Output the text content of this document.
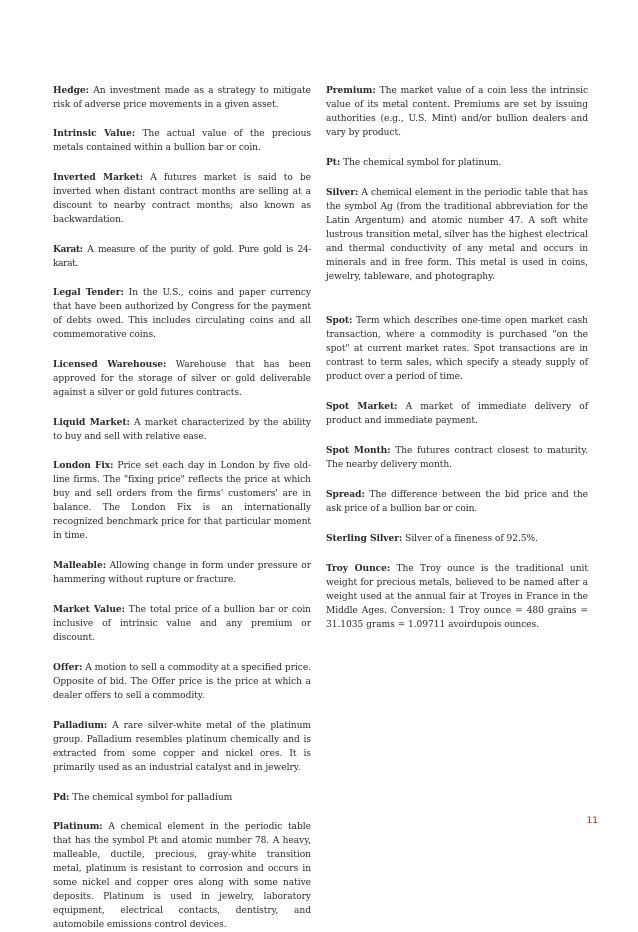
Hedge: An investment made as a strategy to mitigate risk of adverse price movements in a given asset.

Intrinsic Value: The actual value of the precious metals contained within a bullion bar or coin.

Inverted Market: A futures market is said to be inverted when distant contract months are selling at a discount to nearby contract months; also known as backwardation.

Karat: A measure of the purity of gold. Pure gold is 24-karat.

Legal Tender: In the U.S., coins and paper currency that have been authorized by Congress for the payment of debts owed. This includes circulating coins and all commemorative coins.

Licensed Warehouse: Warehouse that has been approved for the storage of silver or gold deliverable against a silver or gold futures contracts.

Liquid Market: A market characterized by the ability to buy and sell with relative ease.

London Fix: Price set each day in London by five old-line firms. The "fixing price" reflects the price at which buy and sell orders from the firms' customers' are in balance. The London Fix is an internationally recognized benchmark price for that particular moment in time.

Malleable: Allowing change in form under pressure or hammering without rupture or fracture.

Market Value: The total price of a bullion bar or coin inclusive of intrinsic value and any premium or discount.

Offer: A motion to sell a commodity at a specified price. Opposite of bid. The Offer price is the price at which a dealer offers to sell a commodity.

Palladium: A rare silver-white metal of the platinum group. Palladium resembles platinum chemically and is extracted from some copper and nickel ores. It is primarily used as an industrial catalyst and in jewelry.

Pd: The chemical symbol for palladium

Platinum: A chemical element in the periodic table that has the symbol Pt and atomic number 78. A heavy, malleable, ductile, precious, gray-white transition metal, platinum is resistant to corrosion and occurs in some nickel and copper ores along with some native deposits. Platinum is used in jewelry, laboratory equipment, electrical contacts, dentistry, and automobile emissions control devices.

Premium: The market value of a coin less the intrinsic value of its metal content. Premiums are set by issuing authorities (e.g., U.S. Mint) and/or bullion dealers and vary by product.

Pt: The chemical symbol for platinum.

Silver: A chemical element in the periodic table that has the symbol Ag (from the traditional abbreviation for the Latin Argentum) and atomic number 47. A soft white lustrous transition metal, silver has the highest electrical and thermal conductivity of any metal and occurs in minerals and in free form. This metal is used in coins, jewelry, tableware, and photography.

Spot: Term which describes one-time open market cash transaction, where a commodity is purchased "on the spot" at current market rates. Spot transactions are in contrast to term sales, which specify a steady supply of product over a period of time.

Spot Market: A market of immediate delivery of product and immediate payment.

Spot Month: The futures contract closest to maturity. The nearby delivery month.

Spread: The difference between the bid price and the ask price of a bullion bar or coin.

Sterling Silver: Silver of a fineness of 92.5%.

Troy Ounce: The Troy ounce is the traditional unit weight for precious metals, believed to be named after a weight used at the annual fair at Troyes in France in the Middle Ages. Conversion: 1 Troy ounce = 480 grains = 31.1035 grams = 1.09711 avoirdupois ounces.

11
